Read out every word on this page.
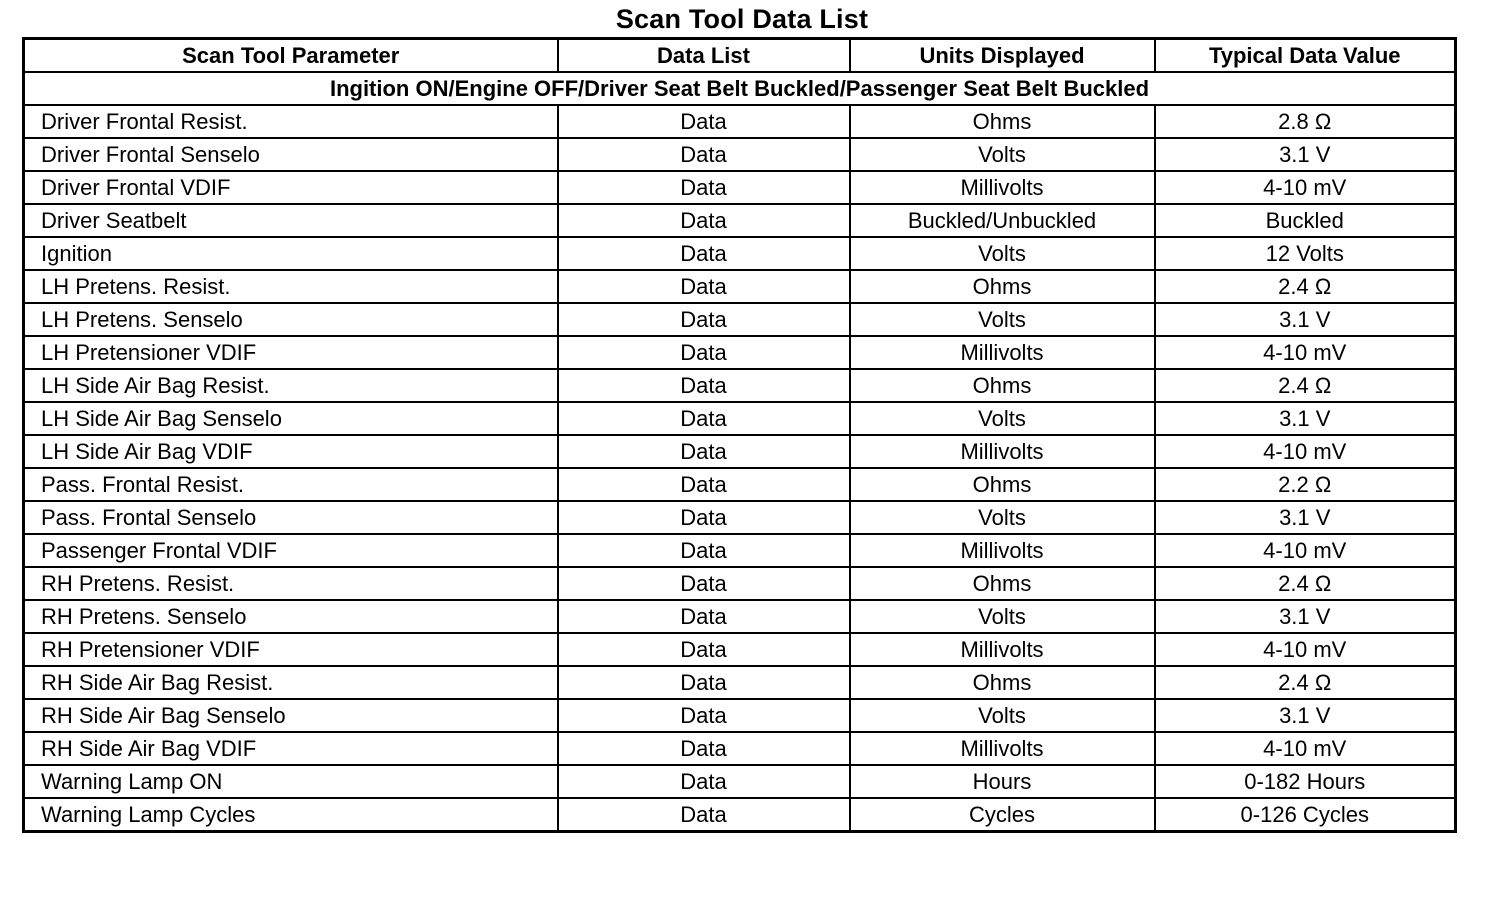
Scan Tool Data List
Scan Tool Parameter	Data List	Units Displayed	Typical Data Value
Ingition ON/Engine OFF/Driver Seat Belt Buckled/Passenger Seat Belt Buckled			
Driver Frontal Resist.	Data	Ohms	2.8 Ω
Driver Frontal Senselo	Data	Volts	3.1 V
Driver Frontal VDIF	Data	Millivolts	4-10 mV
Driver Seatbelt	Data	Buckled/Unbuckled	Buckled
Ignition	Data	Volts	12 Volts
LH Pretens. Resist.	Data	Ohms	2.4 Ω
LH Pretens. Senselo	Data	Volts	3.1 V
LH Pretensioner VDIF	Data	Millivolts	4-10 mV
LH Side Air Bag Resist.	Data	Ohms	2.4 Ω
LH Side Air Bag Senselo	Data	Volts	3.1 V
LH Side Air Bag VDIF	Data	Millivolts	4-10 mV
Pass. Frontal Resist.	Data	Ohms	2.2 Ω
Pass. Frontal Senselo	Data	Volts	3.1 V
Passenger Frontal VDIF	Data	Millivolts	4-10 mV
RH Pretens. Resist.	Data	Ohms	2.4 Ω
RH Pretens. Senselo	Data	Volts	3.1 V
RH Pretensioner VDIF	Data	Millivolts	4-10 mV
RH Side Air Bag Resist.	Data	Ohms	2.4 Ω
RH Side Air Bag Senselo	Data	Volts	3.1 V
RH Side Air Bag VDIF	Data	Millivolts	4-10 mV
Warning Lamp ON	Data	Hours	0-182 Hours
Warning Lamp Cycles	Data	Cycles	0-126 Cycles
